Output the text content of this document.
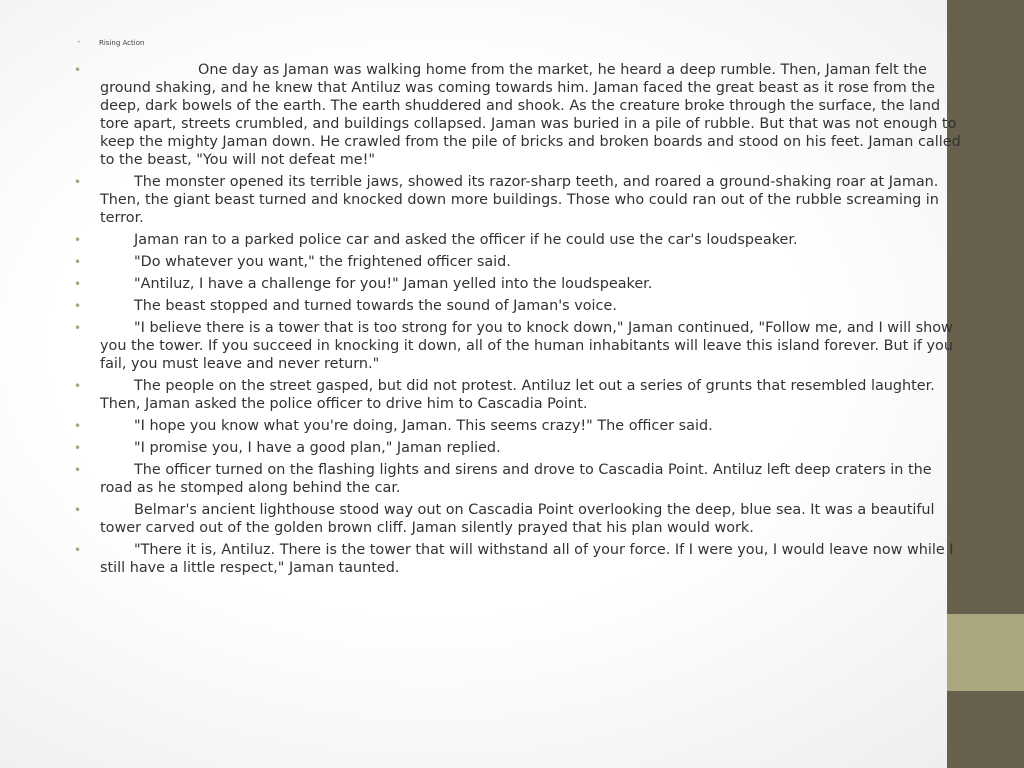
•	Rising Action
•	One day as Jaman was walking home from the market, he heard a deep rumble. Then, Jaman felt the ground shaking, and he knew that Antiluz was coming towards him. Jaman faced the great beast as it rose from the deep, dark bowels of the earth. The earth shuddered and shook. As the creature broke through the surface, the land tore apart, streets crumbled, and buildings collapsed. Jaman was buried in a pile of rubble. But that was not enough to keep the mighty Jaman down. He crawled from the pile of bricks and broken boards and stood on his feet. Jaman called to the beast, "You will not defeat me!"
•	The monster opened its terrible jaws, showed its razor-sharp teeth, and roared a ground-shaking roar at Jaman. Then, the giant beast turned and knocked down more buildings. Those who could ran out of the rubble screaming in terror.
•	Jaman ran to a parked police car and asked the officer if he could use the car's loudspeaker.
•	"Do whatever you want," the frightened officer said.
•	"Antiluz, I have a challenge for you!" Jaman yelled into the loudspeaker.
•	The beast stopped and turned towards the sound of Jaman's voice.
•	"I believe there is a tower that is too strong for you to knock down," Jaman continued, "Follow me, and I will show you the tower. If you succeed in knocking it down, all of the human inhabitants will leave this island forever. But if you fail, you must leave and never return."
•	The people on the street gasped, but did not protest. Antiluz let out a series of grunts that resembled laughter. Then, Jaman asked the police officer to drive him to Cascadia Point.
•	"I hope you know what you're doing, Jaman. This seems crazy!" The officer said.
•	"I promise you, I have a good plan," Jaman replied.
•	The officer turned on the flashing lights and sirens and drove to Cascadia Point. Antiluz left deep craters in the road as he stomped along behind the car.
•	Belmar's ancient lighthouse stood way out on Cascadia Point overlooking the deep, blue sea. It was a beautiful tower carved out of the golden brown cliff. Jaman silently prayed that his plan would work.
•	"There it is, Antiluz. There is the tower that will withstand all of your force. If I were you, I would leave now while I still have a little respect," Jaman taunted.
